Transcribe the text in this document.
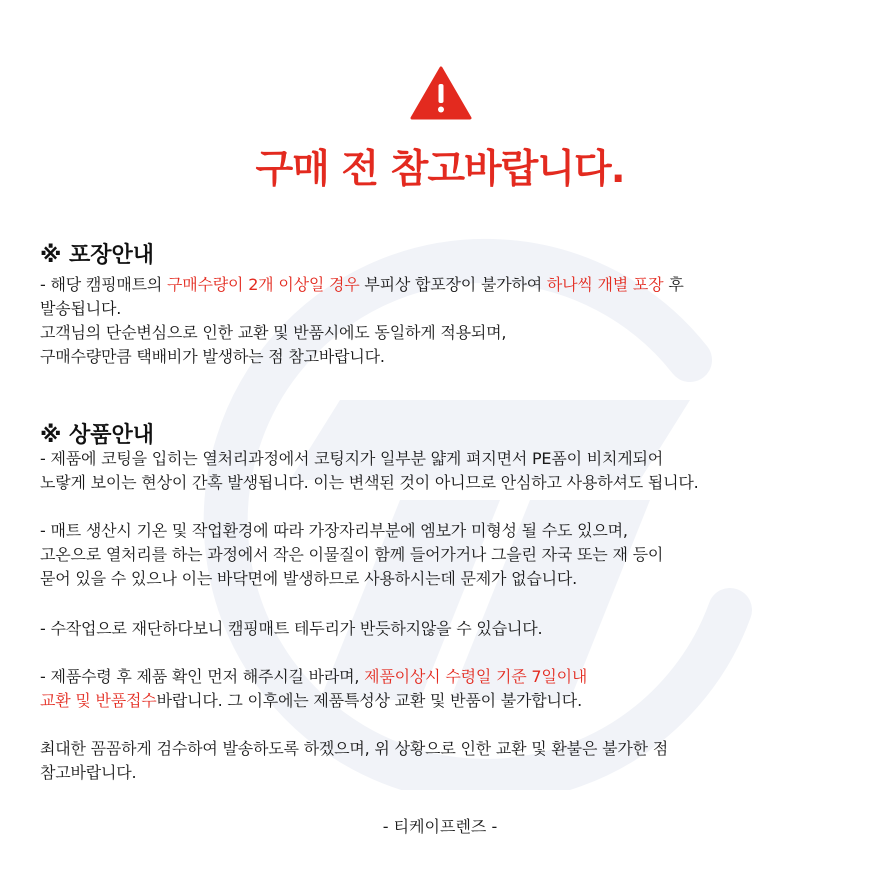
구매 전 참고바랍니다.
※ 포장안내
- 해당 캠핑매트의 구매수량이 2개 이상일 경우 부피상 합포장이 불가하여 하나씩 개별 포장 후
발송됩니다.
고객님의 단순변심으로 인한 교환 및 반품시에도 동일하게 적용되며,
구매수량만큼 택배비가 발생하는 점 참고바랍니다.
※ 상품안내
- 제품에 코팅을 입히는 열처리과정에서 코팅지가 일부분 얇게 펴지면서 PE폼이 비치게되어
노랗게 보이는 현상이 간혹 발생됩니다. 이는 변색된 것이 아니므로 안심하고 사용하셔도 됩니다.
- 매트 생산시 기온 및 작업환경에 따라 가장자리부분에 엠보가 미형성 될 수도 있으며,
고온으로 열처리를 하는 과정에서 작은 이물질이 함께 들어가거나 그을린 자국 또는 재 등이
묻어 있을 수 있으나 이는 바닥면에 발생하므로 사용하시는데 문제가 없습니다.
- 수작업으로 재단하다보니 캠핑매트 테두리가 반듯하지않을 수 있습니다.
- 제품수령 후 제품 확인 먼저 해주시길 바라며, 제품이상시 수령일 기준 7일이내
교환 및 반품접수바랍니다. 그 이후에는 제품특성상 교환 및 반품이 불가합니다.
최대한 꼼꼼하게 검수하여 발송하도록 하겠으며, 위 상황으로 인한 교환 및 환불은 불가한 점
참고바랍니다.
- 티케이프렌즈 -
